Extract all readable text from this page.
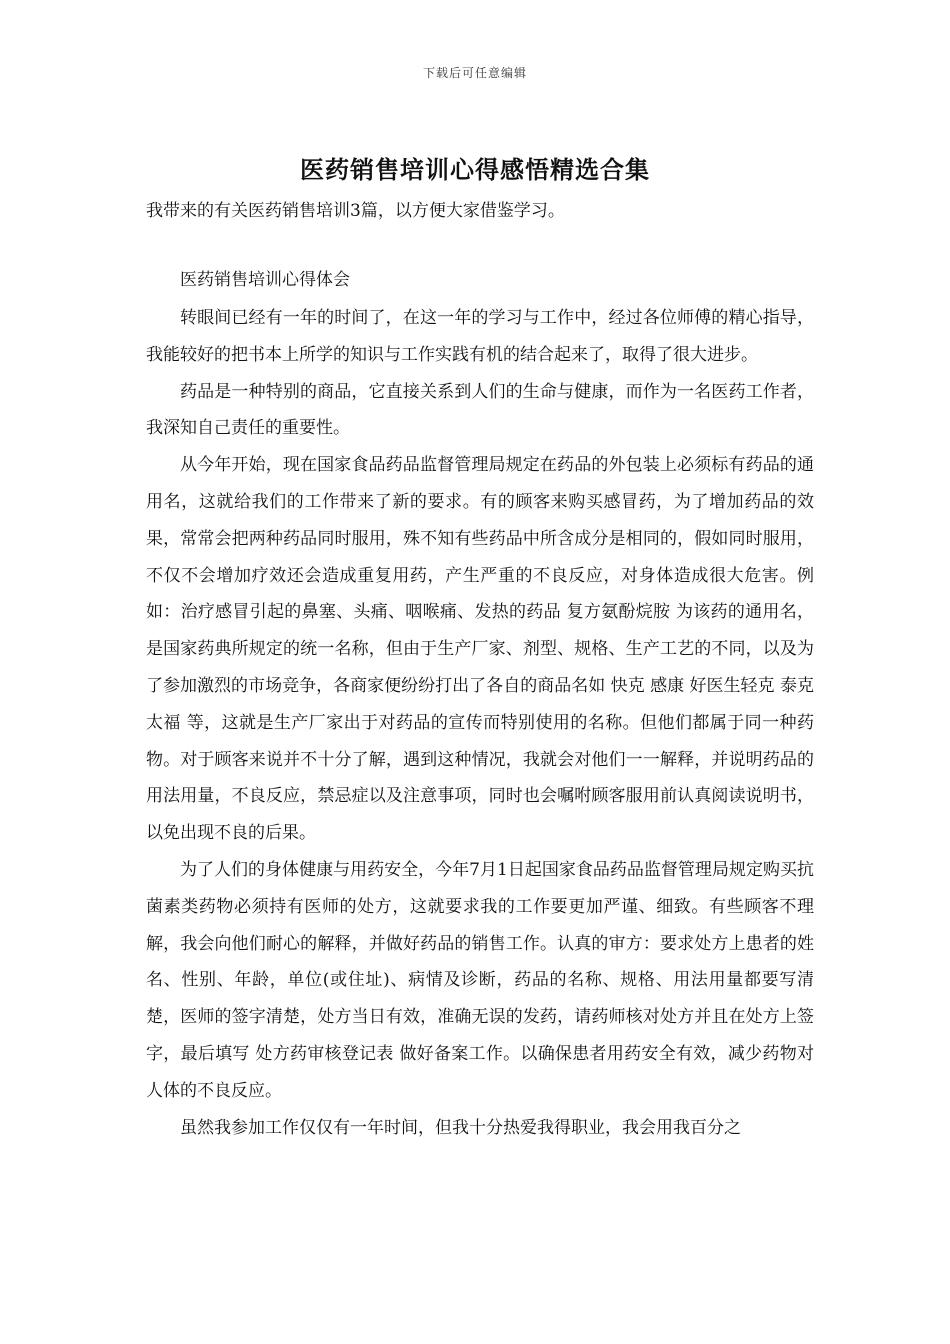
下载后可任意编辑
医药销售培训心得感悟精选合集

我带来的有关医药销售培训3篇，以方便大家借鉴学习。

医药销售培训心得体会

转眼间已经有一年的时间了，在这一年的学习与工作中，经过各位师傅的精心指导，我能较好的把书本上所学的知识与工作实践有机的结合起来了，取得了很大进步。

药品是一种特别的商品，它直接关系到人们的生命与健康，而作为一名医药工作者，我深知自己责任的重要性。

从今年开始，现在国家食品药品监督管理局规定在药品的外包装上必须标有药品的通用名，这就给我们的工作带来了新的要求。有的顾客来购买感冒药，为了增加药品的效果，常常会把两种药品同时服用，殊不知有些药品中所含成分是相同的，假如同时服用，不仅不会增加疗效还会造成重复用药，产生严重的不良反应，对身体造成很大危害。例如：治疗感冒引起的鼻塞、头痛、咽喉痛、发热的药品 复方氨酚烷胺 为该药的通用名，是国家药典所规定的统一名称，但由于生产厂家、剂型、规格、生产工艺的不同，以及为了参加激烈的市场竞争，各商家便纷纷打出了各自的商品名如 快克 感康 好医生轻克 泰克 太福 等，这就是生产厂家出于对药品的宣传而特别使用的名称。但他们都属于同一种药物。对于顾客来说并不十分了解，遇到这种情况，我就会对他们一一解释，并说明药品的用法用量，不良反应，禁忌症以及注意事项，同时也会嘱咐顾客服用前认真阅读说明书，以免出现不良的后果。

为了人们的身体健康与用药安全，今年7月1日起国家食品药品监督管理局规定购买抗菌素类药物必须持有医师的处方，这就要求我的工作要更加严谨、细致。有些顾客不理解，我会向他们耐心的解释，并做好药品的销售工作。认真的审方：要求处方上患者的姓名、性别、年龄，单位(或住址)、病情及诊断，药品的名称、规格、用法用量都要写清楚，医师的签字清楚，处方当日有效，准确无误的发药，请药师核对处方并且在处方上签字，最后填写 处方药审核登记表 做好备案工作。以确保患者用药安全有效，减少药物对人体的不良反应。

虽然我参加工作仅仅有一年时间，但我十分热爱我得职业，我会用我百分之
